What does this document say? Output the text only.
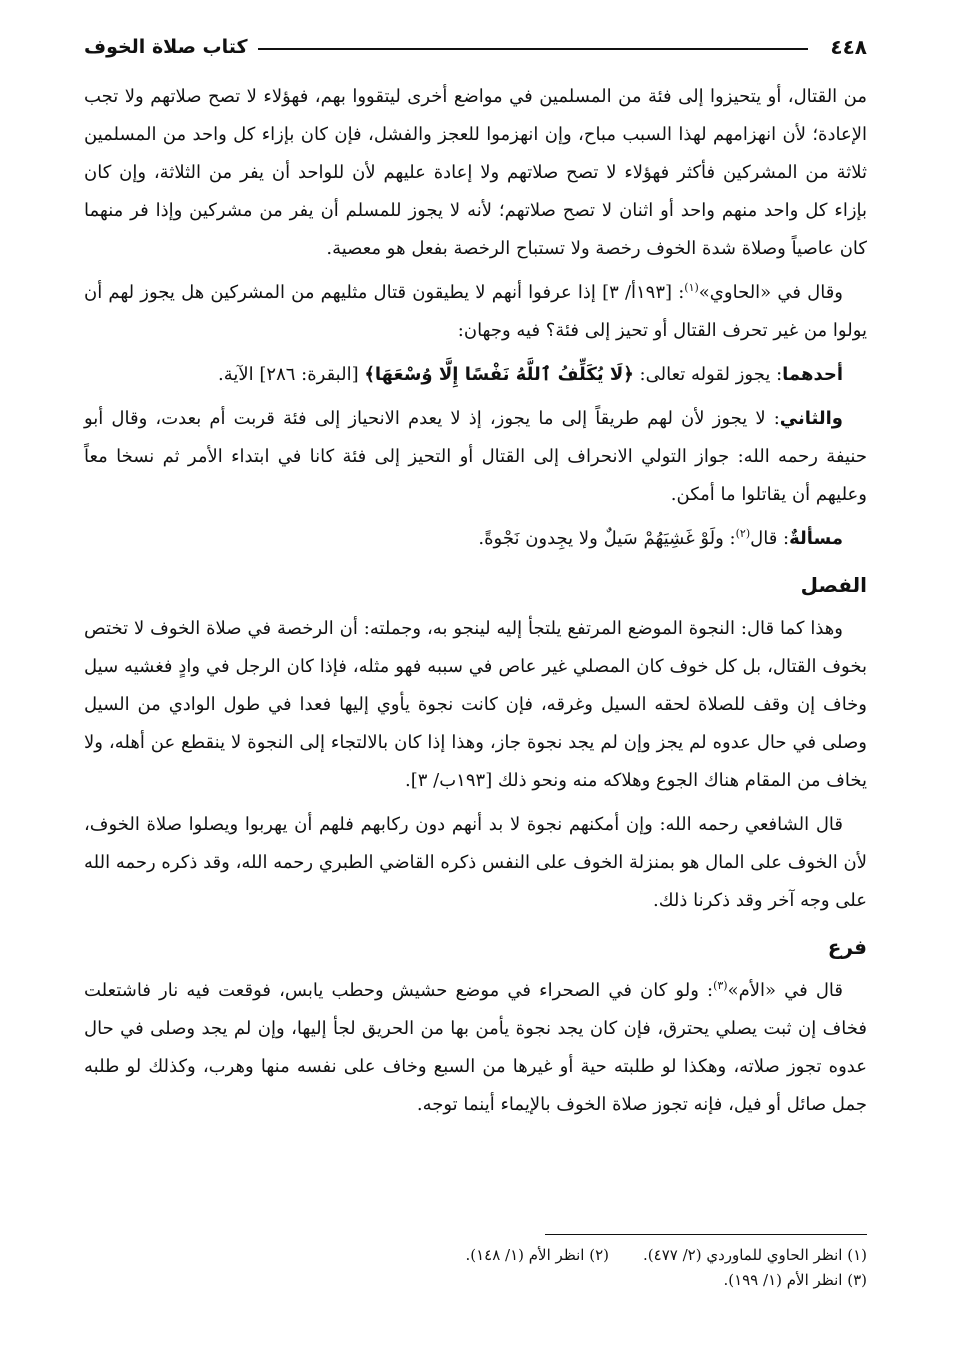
٤٤٨
كتاب صلاة الخوف

من القتال، أو يتحيزوا إلى فئة من المسلمين في مواضع أخرى ليتقووا بهم، فهؤلاء لا تصح صلاتهم ولا تجب الإعادة؛ لأن انهزامهم لهذا السبب مباح، وإن انهزموا للعجز والفشل، فإن كان بإزاء كل واحد من المسلمين ثلاثة من المشركين فأكثر فهؤلاء لا تصح صلاتهم ولا إعادة عليهم لأن للواحد أن يفر من الثلاثة، وإن كان بإزاء كل واحد منهم واحد أو اثنان لا تصح صلاتهم؛ لأنه لا يجوز للمسلم أن يفر من مشركين وإذا فر منهما كان عاصياً وصلاة شدة الخوف رخصة ولا تستباح الرخصة بفعل هو معصية.

وقال في «الحاوي»$^{(١)}$: [١٩٣أ/ ٣] إذا عرفوا أنهم لا يطيقون قتال مثليهم من المشركين هل يجوز لهم أن يولوا من غير تحرف القتال أو تحيز إلى فئة؟ فيه وجهان:

أحدهما: يجوز لقوله تعالى: ﴿لَا يُكَلِّفُ ٱللَّهُ نَفْسًا إِلَّا وُسْعَهَا﴾ [البقرة: ٢٨٦] الآية.

والثاني: لا يجوز لأن لهم طريقاً إلى ما يجوز، إذ لا يعدم الانحياز إلى فئة قربت أم بعدت، وقال أبو حنيفة رحمه الله: جواز التولي الانحراف إلى القتال أو التحيز إلى فئة كانا في ابتداء الأمر ثم نسخا معاً وعليهم أن يقاتلوا ما أمكن.

مسألةٌ: قال$^{(٢)}$: ولَوْ غَشِيَهُمْ سَيلٌ ولا يجِدون نَجْوةً.

الفصل

وهذا كما قال: النجوة الموضع المرتفع يلتجأ إليه لينجو به، وجملته: أن الرخصة في صلاة الخوف لا تختص بخوف القتال، بل كل خوف كان المصلي غير عاص في سببه فهو مثله، فإذا كان الرجل في وادٍ فغشيه سيل وخاف إن وقف للصلاة لحقه السيل وغرقه، فإن كانت نجوة يأوي إليها فعدا في طول الوادي من السيل وصلى في حال عدوه لم يجز وإن لم يجد نجوة جاز، وهذا إذا كان بالالتجاء إلى النجوة لا ينقطع عن أهله، ولا يخاف من المقام هناك الجوع وهلاكه منه ونحو ذلك [١٩٣ب/ ٣].

قال الشافعي رحمه الله: وإن أمكنهم نجوة لا بد أنهم دون ركابهم فلهم أن يهربوا ويصلوا صلاة الخوف، لأن الخوف على المال هو بمنزلة الخوف على النفس ذكره القاضي الطبري رحمه الله، وقد ذكره رحمه الله على وجه آخر وقد ذكرنا ذلك.

فرع

قال في «الأم»$^{(٣)}$: ولو كان في الصحراء في موضع حشيش وحطب يابس، فوقعت فيه نار فاشتعلت فخاف إن ثبت يصلي يحترق، فإن كان يجد نجوة يأمن بها من الحريق لجأ إليها، وإن لم يجد وصلى في حال عدوه تجوز صلاته، وهكذا لو طلبته حية أو غيرها من السبع وخاف على نفسه منها وهرب، وكذلك لو طلبه جمل صائل أو فيل، فإنه تجوز صلاة الخوف بالإيماء أينما توجه.

(١) انظر الحاوي للماوردي (٢/ ٤٧٧).
(٢) انظر الأم (١/ ١٤٨).
(٣) انظر الأم (١/ ١٩٩).
